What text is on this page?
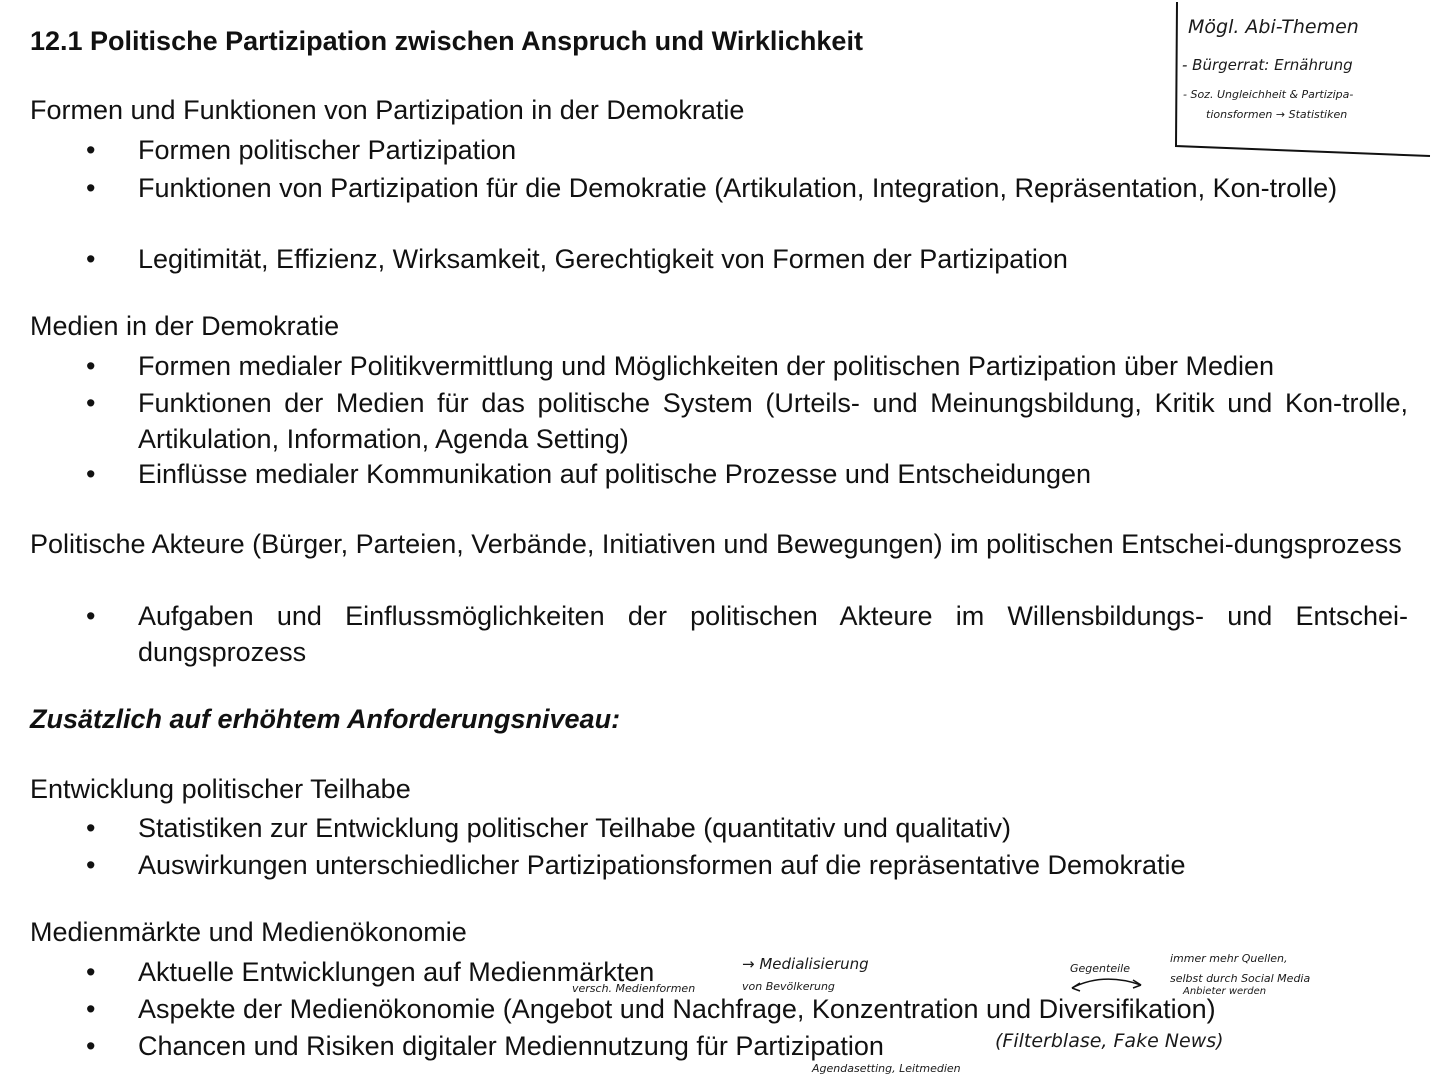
12.1 Politische Partizipation zwischen Anspruch und Wirklichkeit
Formen und Funktionen von Partizipation in der Demokratie
•	Formen politischer Partizipation
•	Funktionen von Partizipation für die Demokratie (Artikulation, Integration, Repräsentation, Kon-trolle)
•	Legitimität, Effizienz, Wirksamkeit, Gerechtigkeit von Formen der Partizipation
Medien in der Demokratie
•	Formen medialer Politikvermittlung und Möglichkeiten der politischen Partizipation über Medien
•	Funktionen der Medien für das politische System (Urteils- und Meinungsbildung, Kritik und Kon-trolle, Artikulation, Information, Agenda Setting)
•	Einflüsse medialer Kommunikation auf politische Prozesse und Entscheidungen
Politische Akteure (Bürger, Parteien, Verbände, Initiativen und Bewegungen) im politischen Entschei-dungsprozess
•	Aufgaben und Einflussmöglichkeiten der politischen Akteure im Willensbildungs- und Entschei-dungsprozess
Zusätzlich auf erhöhtem Anforderungsniveau:
Entwicklung politischer Teilhabe
•	Statistiken zur Entwicklung politischer Teilhabe (quantitativ und qualitativ)
•	Auswirkungen unterschiedlicher Partizipationsformen auf die repräsentative Demokratie
Medienmärkte und Medienökonomie
•	Aktuelle Entwicklungen auf Medienmärkten
•	Aspekte der Medienökonomie (Angebot und Nachfrage, Konzentration und Diversifikation)
•	Chancen und Risiken digitaler Mediennutzung für Partizipation
Mögl. Abi-Themen
- Bürgerrat: Ernährung
- Soz. Ungleichheit & Partizipa-
tionsformen → Statistiken
→ Medialisierung
versch. Medienformen	von Bevölkerung
Gegenteile
immer mehr Quellen,
selbst durch Social Media
Anbieter werden
(Filterblase, Fake News)
Agendasetting, Leitmedien
